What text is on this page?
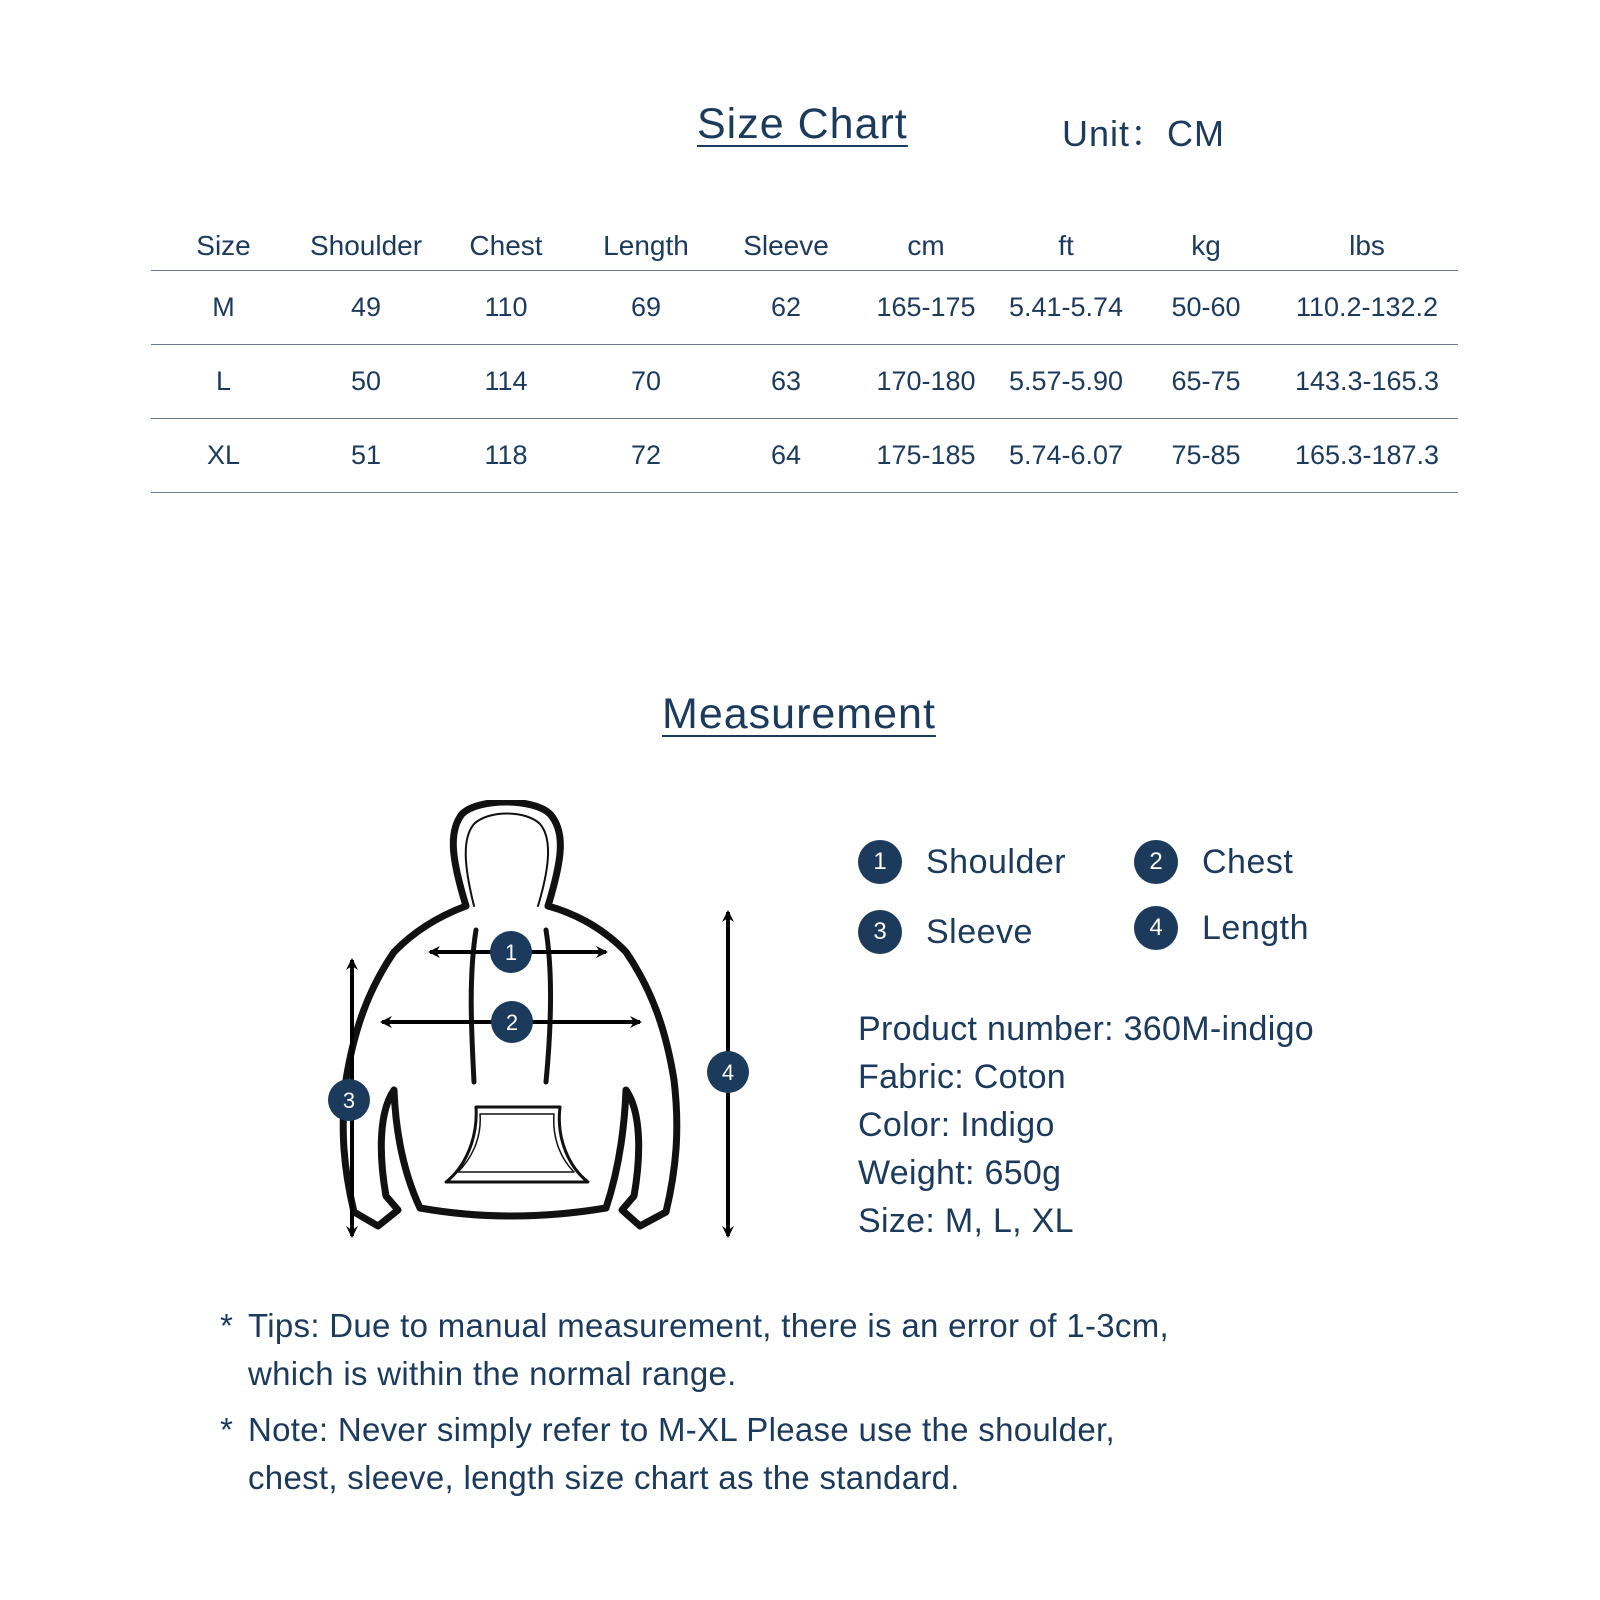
Size Chart	Unit：CM
Size	Shoulder	Chest	Length	Sleeve	cm	ft	kg	lbs
M	49	110	69	62	165-175	5.41-5.74	50-60	110.2-132.2
L	50	114	70	63	170-180	5.57-5.90	65-75	143.3-165.3
XL	51	118	72	64	175-185	5.74-6.07	75-85	165.3-187.3
Measurement
1
2
3
4
1	Shoulder	2	Chest
3	Sleeve	4	Length
Product number: 360M-indigo
Fabric: Coton
Color: Indigo
Weight: 650g
Size: M, L, XL
* Tips: Due to manual measurement, there is an error of 1-3cm,
which is within the normal range.
* Note: Never simply refer to M-XL Please use the shoulder,
chest, sleeve, length size chart as the standard.
